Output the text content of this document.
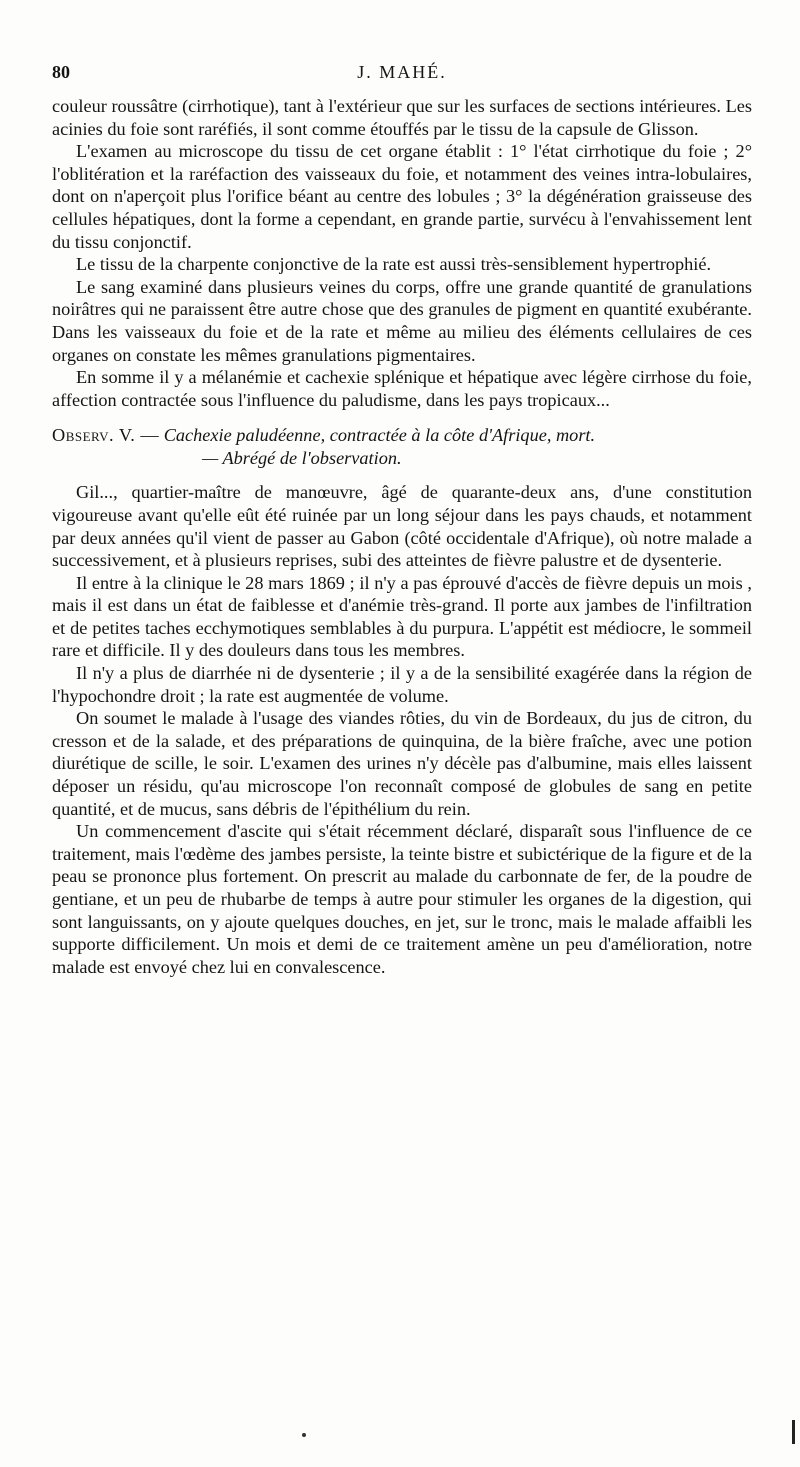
80	J. MAHÉ.

couleur roussâtre (cirrhotique), tant à l'extérieur que sur les surfaces de sections intérieures. Les acinies du foie sont raréfiés, il sont comme étouffés par le tissu de la capsule de Glisson.

L'examen au microscope du tissu de cet organe établit : 1° l'état cirrhotique du foie ; 2° l'oblitération et la raréfaction des vaisseaux du foie, et notamment des veines intra-lobulaires, dont on n'aperçoit plus l'orifice béant au centre des lobules ; 3° la dégénération graisseuse des cellules hépatiques, dont la forme a cependant, en grande partie, survécu à l'envahissement lent du tissu conjonctif.

Le tissu de la charpente conjonctive de la rate est aussi très-sensiblement hypertrophié.

Le sang examiné dans plusieurs veines du corps, offre une grande quantité de granulations noirâtres qui ne paraissent être autre chose que des granules de pigment en quantité exubérante. Dans les vaisseaux du foie et de la rate et même au milieu des éléments cellulaires de ces organes on constate les mêmes granulations pigmentaires.

En somme il y a mélanémie et cachexie splénique et hépatique avec légère cirrhose du foie, affection contractée sous l'influence du paludisme, dans les pays tropicaux...

Observ. V. — Cachexie paludéenne, contractée à la côte d'Afrique, mort.
— Abrégé de l'observation.

Gil..., quartier-maître de manœuvre, âgé de quarante-deux ans, d'une constitution vigoureuse avant qu'elle eût été ruinée par un long séjour dans les pays chauds, et notamment par deux années qu'il vient de passer au Gabon (côté occidentale d'Afrique), où notre malade a successivement, et à plusieurs reprises, subi des atteintes de fièvre palustre et de dysenterie.

Il entre à la clinique le 28 mars 1869 ; il n'y a pas éprouvé d'accès de fièvre depuis un mois , mais il est dans un état de faiblesse et d'anémie très-grand. Il porte aux jambes de l'infiltration et de petites taches ecchymotiques semblables à du purpura. L'appétit est médiocre, le sommeil rare et difficile. Il y des douleurs dans tous les membres.

Il n'y a plus de diarrhée ni de dysenterie ; il y a de la sensibilité exagérée dans la région de l'hypochondre droit ; la rate est augmentée de volume.

On soumet le malade à l'usage des viandes rôties, du vin de Bordeaux, du jus de citron, du cresson et de la salade, et des préparations de quinquina, de la bière fraîche, avec une potion diurétique de scille, le soir. L'examen des urines n'y décèle pas d'albumine, mais elles laissent déposer un résidu, qu'au microscope l'on reconnaît composé de globules de sang en petite quantité, et de mucus, sans débris de l'épithélium du rein.

Un commencement d'ascite qui s'était récemment déclaré, disparaît sous l'influence de ce traitement, mais l'œdème des jambes persiste, la teinte bistre et subictérique de la figure et de la peau se prononce plus fortement. On prescrit au malade du carbonnate de fer, de la poudre de gentiane, et un peu de rhubarbe de temps à autre pour stimuler les organes de la digestion, qui sont languissants, on y ajoute quelques douches, en jet, sur le tronc, mais le malade affaibli les supporte difficilement. Un mois et demi de ce traitement amène un peu d'amélioration, notre malade est envoyé chez lui en convalescence.
